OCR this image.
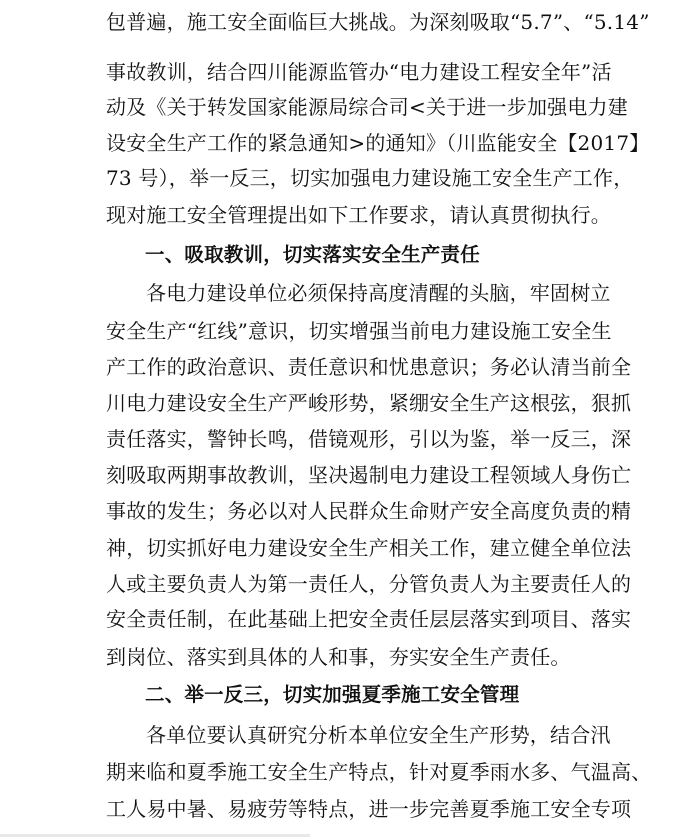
包普遍，施工安全面临巨大挑战。为深刻吸取“5.7”、“5.14”
事故教训，结合四川能源监管办“电力建设工程安全年”活
动及《关于转发国家能源局综合司<关于进一步加强电力建
设安全生产工作的紧急通知>的通知》（川监能安全【2017】
73 号），举一反三，切实加强电力建设施工安全生产工作，
现对施工安全管理提出如下工作要求，请认真贯彻执行。
一、吸取教训，切实落实安全生产责任
各电力建设单位必须保持高度清醒的头脑，牢固树立
安全生产“红线”意识，切实增强当前电力建设施工安全生
产工作的政治意识、责任意识和忧患意识；务必认清当前全
川电力建设安全生产严峻形势，紧绷安全生产这根弦，狠抓
责任落实，警钟长鸣，借镜观形，引以为鉴，举一反三，深
刻吸取两期事故教训，坚决遏制电力建设工程领域人身伤亡
事故的发生；务必以对人民群众生命财产安全高度负责的精
神，切实抓好电力建设安全生产相关工作，建立健全单位法
人或主要负责人为第一责任人，分管负责人为主要责任人的
安全责任制，在此基础上把安全责任层层落实到项目、落实
到岗位、落实到具体的人和事，夯实安全生产责任。
二、举一反三，切实加强夏季施工安全管理
各单位要认真研究分析本单位安全生产形势，结合汛
期来临和夏季施工安全生产特点，针对夏季雨水多、气温高、
工人易中暑、易疲劳等特点，进一步完善夏季施工安全专项
